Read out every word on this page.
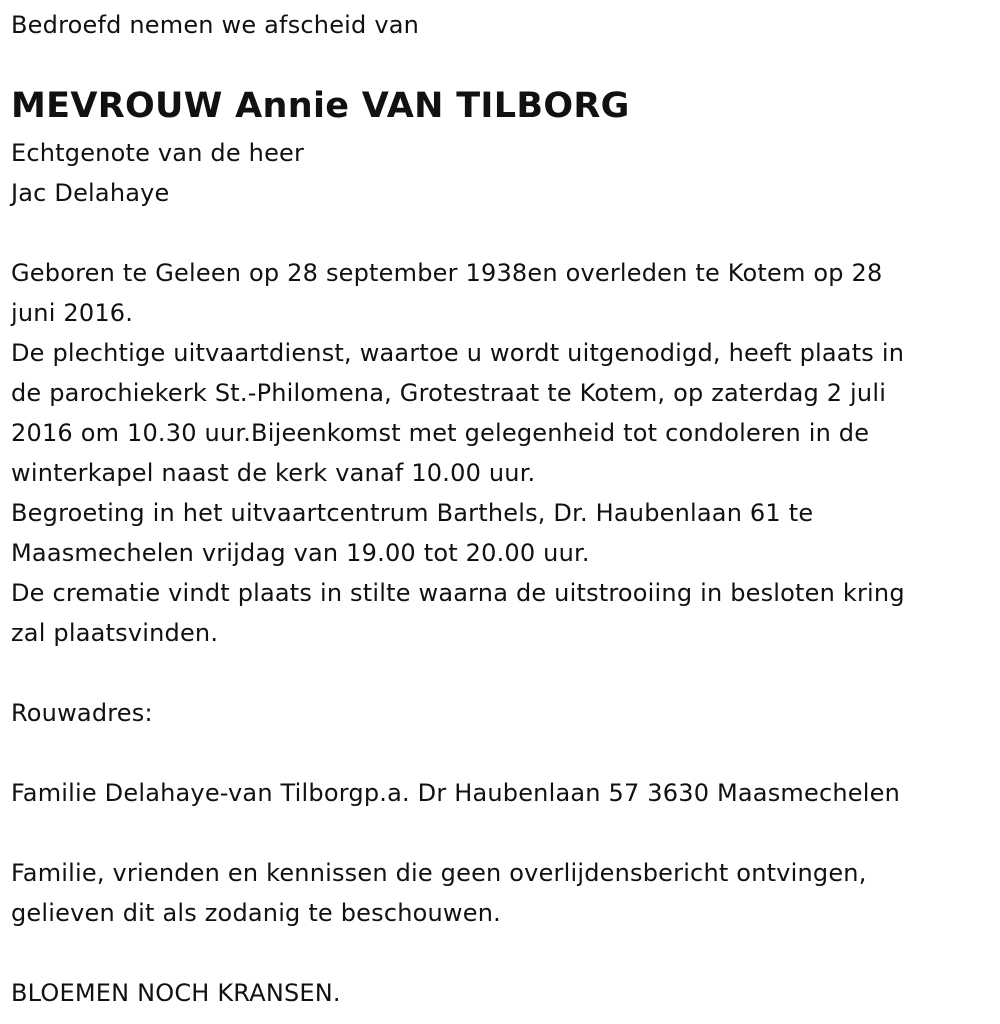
Bedroefd nemen we afscheid van
MEVROUW Annie VAN TILBORG
Echtgenote van de heer
Jac Delahaye
Geboren te Geleen op 28 september 1938en overleden te Kotem op 28
juni 2016.
De plechtige uitvaartdienst, waartoe u wordt uitgenodigd, heeft plaats in
de parochiekerk St.-Philomena, Grotestraat te Kotem, op zaterdag 2 juli
2016 om 10.30 uur.Bijeenkomst met gelegenheid tot condoleren in de
winterkapel naast de kerk vanaf 10.00 uur.
Begroeting in het uitvaartcentrum Barthels, Dr. Haubenlaan 61 te
Maasmechelen vrijdag van 19.00 tot 20.00 uur.
De crematie vindt plaats in stilte waarna de uitstrooiing in besloten kring
zal plaatsvinden.
Rouwadres:
Familie Delahaye-van Tilborgp.a. Dr Haubenlaan 57 3630 Maasmechelen
Familie, vrienden en kennissen die geen overlijdensbericht ontvingen,
gelieven dit als zodanig te beschouwen.
BLOEMEN NOCH KRANSEN.
